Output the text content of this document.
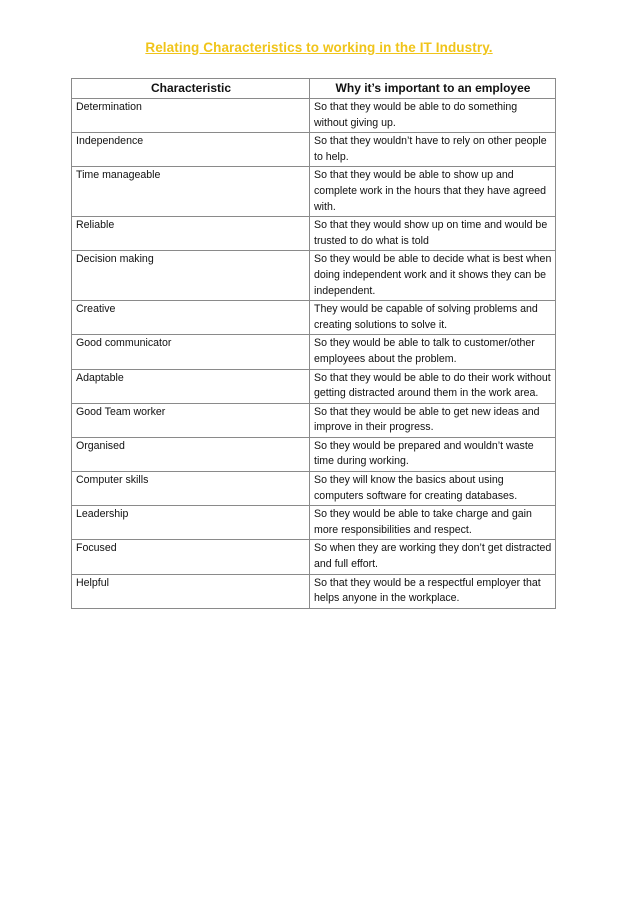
Relating Characteristics to working in the IT Industry.
Characteristic	Why it’s important to an employee
Determination	So that they would be able to do something without giving up.
Independence	So that they wouldn’t have to rely on other people to help.
Time manageable	So that they would be able to show up and complete work in the hours that they have agreed with.
Reliable	So that they would show up on time and would be trusted to do what is told
Decision making	So they would be able to decide what is best when doing independent work and it shows they can be independent.
Creative	They would be capable of solving problems and creating solutions to solve it.
Good communicator	So they would be able to talk to customer/other employees about the problem.
Adaptable	So that they would be able to do their work without getting distracted around them in the work area.
Good Team worker	So that they would be able to get new ideas and improve in their progress.
Organised	So they would be prepared and wouldn’t waste time during working.
Computer skills	So they will know the basics about using computers software for creating databases.
Leadership	So they would be able to take charge and gain more responsibilities and respect.
Focused	So when they are working they don’t get distracted and full effort.
Helpful	So that they would be a respectful employer that helps anyone in the workplace.
